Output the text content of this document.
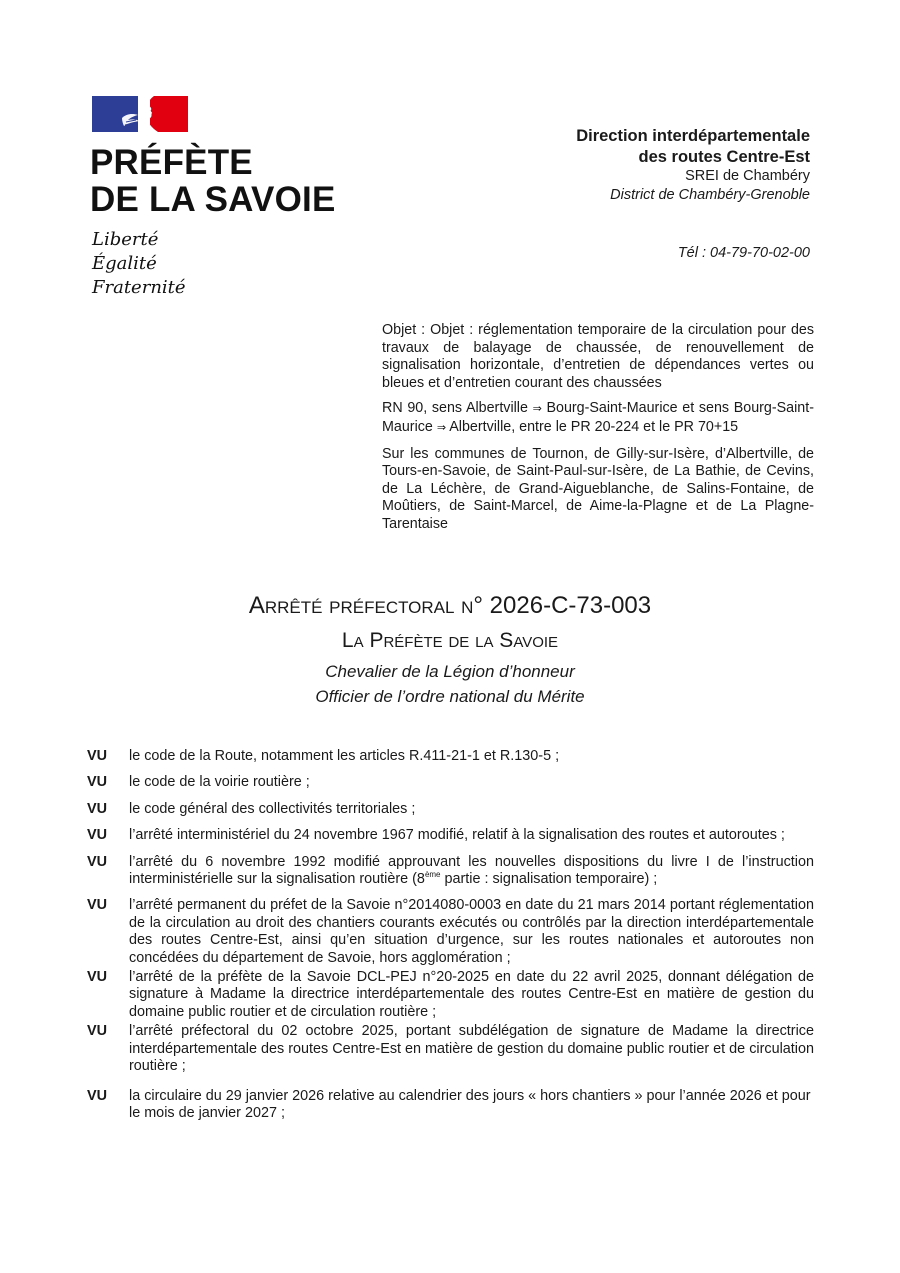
PRÉFÈTE
DE LA SAVOIE
Liberté
Égalité
Fraternité
Direction interdépartementale
des routes Centre-Est
SREI de Chambéry
District de Chambéry-Grenoble
Tél : 04-79-70-02-00

Objet : Objet : réglementation temporaire de la circulation pour des travaux de balayage de chaussée, de renouvellement de signalisation horizontale, d’entretien de dépendances vertes ou bleues et d’entretien courant des chaussées

RN 90, sens Albertville ⇒ Bourg-Saint-Maurice et sens Bourg-Saint-Maurice ⇒ Albertville, entre le PR 20-224 et le PR 70+15

Sur les communes de Tournon, de Gilly-sur-Isère, d’Albertville, de Tours-en-Savoie, de Saint-Paul-sur-Isère, de La Bathie, de Cevins, de La Léchère, de Grand-Aigueblanche, de Salins-Fontaine, de Moûtiers, de Saint-Marcel, de Aime-la-Plagne et de La Plagne-Tarentaise

Arrêté préfectoral n° 2026-C-73-003
La Préfète de la Savoie
Chevalier de la Légion d’honneur
Officier de l’ordre national du Mérite
VU	le code de la Route, notamment les articles R.411-21-1 et R.130-5 ;
VU	le code de la voirie routière ;
VU	le code général des collectivités territoriales ;
VU	l’arrêté interministériel du 24 novembre 1967 modifié, relatif à la signalisation des routes et autoroutes ;
VU	l’arrêté du 6 novembre 1992 modifié approuvant les nouvelles dispositions du livre I de l’instruction interministérielle sur la signalisation routière (8ème partie : signalisation temporaire) ;
VU	l’arrêté permanent du préfet de la Savoie n°2014080-0003 en date du 21 mars 2014 portant réglementation de la circulation au droit des chantiers courants exécutés ou contrôlés par la direction interdépartementale des routes Centre-Est, ainsi qu’en situation d’urgence, sur les routes nationales et autoroutes non concédées du département de Savoie, hors agglomération ;
VU	l’arrêté de la préfète de la Savoie DCL-PEJ n°20-2025 en date du 22 avril 2025, donnant délégation de signature à Madame la directrice interdépartementale des routes Centre-Est en matière de gestion du domaine public routier et de circulation routière ;
VU	l’arrêté préfectoral du 02 octobre 2025, portant subdélégation de signature de Madame la directrice interdépartementale des routes Centre-Est en matière de gestion du domaine public routier et de circulation routière ;
VU	la circulaire du 29 janvier 2026 relative au calendrier des jours « hors chantiers » pour l’année 2026 et pour le mois de janvier 2027 ;
